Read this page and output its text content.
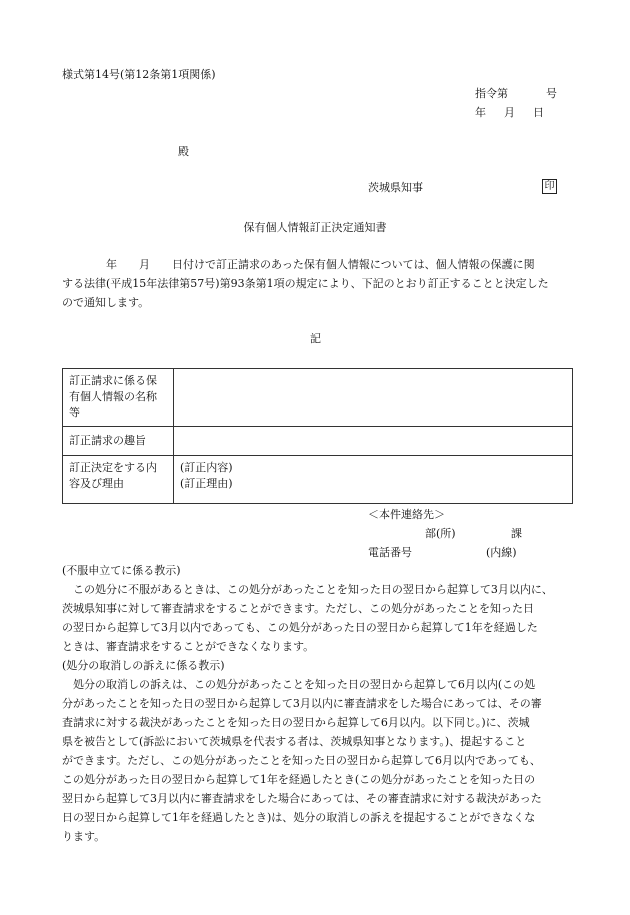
様式第14号(第12条第1項関係)
指令第	号
年 月 日
殿
茨城県知事	印
保有個人情報訂正決定通知書
年　　月　　日付けで訂正請求のあった保有個人情報については、個人情報の保護に関
する法律(平成15年法律第57号)第93条第1項の規定により、下記のとおり訂正することと決定した
ので通知します。
記
訂正請求に係る保有個人情報の名称等	
訂正請求の趣旨	
訂正決定をする内容及び理由	(訂正内容)
(訂正理由)
＜本件連絡先＞
部(所)	課
電話番号	(内線)
(不服申立てに係る教示)
この処分に不服があるときは、この処分があったことを知った日の翌日から起算して3月以内に、
茨城県知事に対して審査請求をすることができます。ただし、この処分があったことを知った日
の翌日から起算して3月以内であっても、この処分があった日の翌日から起算して1年を経過した
ときは、審査請求をすることができなくなります。
(処分の取消しの訴えに係る教示)
処分の取消しの訴えは、この処分があったことを知った日の翌日から起算して6月以内(この処
分があったことを知った日の翌日から起算して3月以内に審査請求をした場合にあっては、その審
査請求に対する裁決があったことを知った日の翌日から起算して6月以内。以下同じ。)に、茨城
県を被告として(訴訟において茨城県を代表する者は、茨城県知事となります。)、提起すること
ができます。ただし、この処分があったことを知った日の翌日から起算して6月以内であっても、
この処分があった日の翌日から起算して1年を経過したとき(この処分があったことを知った日の
翌日から起算して3月以内に審査請求をした場合にあっては、その審査請求に対する裁決があった
日の翌日から起算して1年を経過したとき)は、処分の取消しの訴えを提起することができなくな
ります。
